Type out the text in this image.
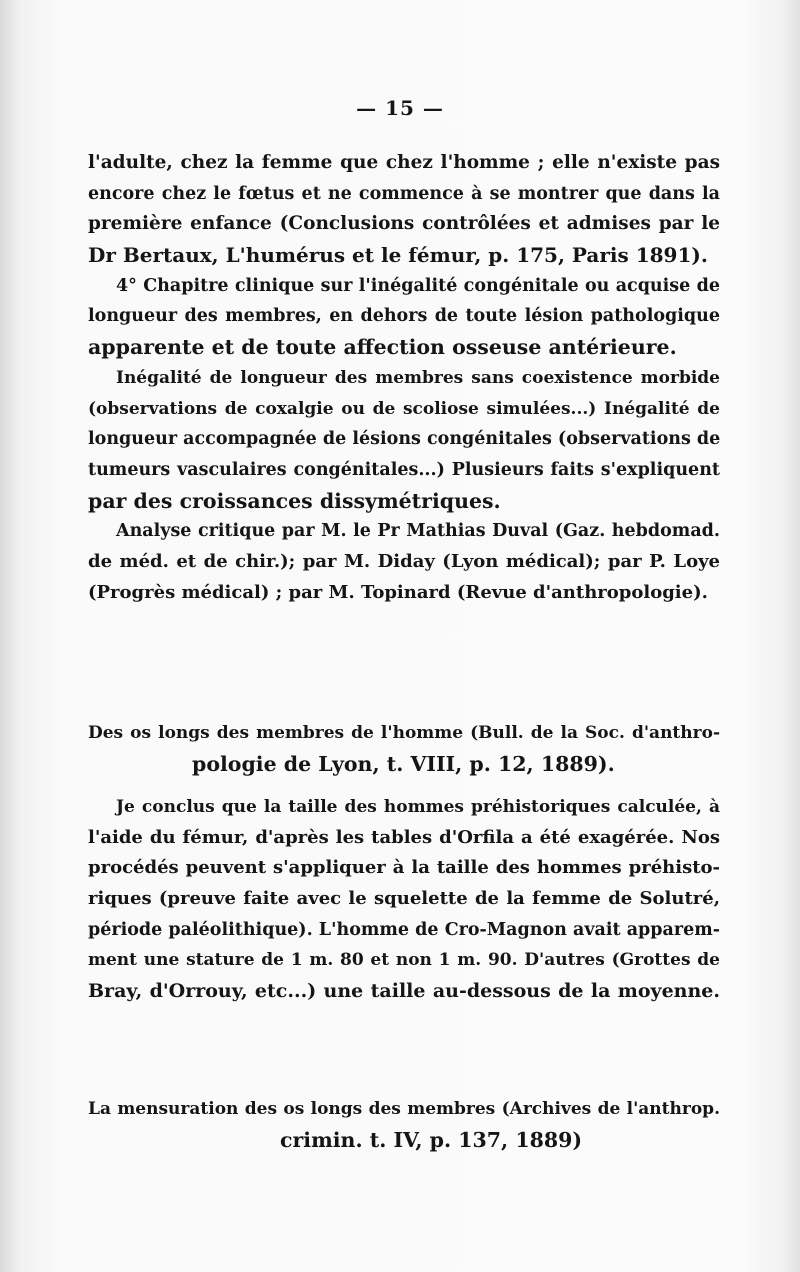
— 15 —
l'adulte, chez la femme que chez l'homme ; elle n'existe pas
encore chez le fœtus et ne commence à se montrer que dans la
première enfance (Conclusions contrôlées et admises par le
Dr Bertaux, L'humérus et le fémur, p. 175, Paris 1891).
4° Chapitre clinique sur l'inégalité congénitale ou acquise de
longueur des membres, en dehors de toute lésion pathologique
apparente et de toute affection osseuse antérieure.
Inégalité de longueur des membres sans coexistence morbide
(observations de coxalgie ou de scoliose simulées...) Inégalité de
longueur accompagnée de lésions congénitales (observations de
tumeurs vasculaires congénitales...) Plusieurs faits s'expliquent
par des croissances dissymétriques.
Analyse critique par M. le Pr Mathias Duval (Gaz. hebdomad.
de méd. et de chir.); par M. Diday (Lyon médical); par P. Loye
(Progrès médical) ; par M. Topinard (Revue d'anthropologie).
Des os longs des membres de l'homme (Bull. de la Soc. d'anthro-
pologie de Lyon, t. VIII, p. 12, 1889).
Je conclus que la taille des hommes préhistoriques calculée, à
l'aide du fémur, d'après les tables d'Orfila a été exagérée. Nos
procédés peuvent s'appliquer à la taille des hommes préhisto-
riques (preuve faite avec le squelette de la femme de Solutré,
période paléolithique). L'homme de Cro-Magnon avait apparem-
ment une stature de 1 m. 80 et non 1 m. 90. D'autres (Grottes de
Bray, d'Orrouy, etc...) une taille au-dessous de la moyenne.
La mensuration des os longs des membres (Archives de l'anthrop.
crimin. t. IV, p. 137, 1889)
